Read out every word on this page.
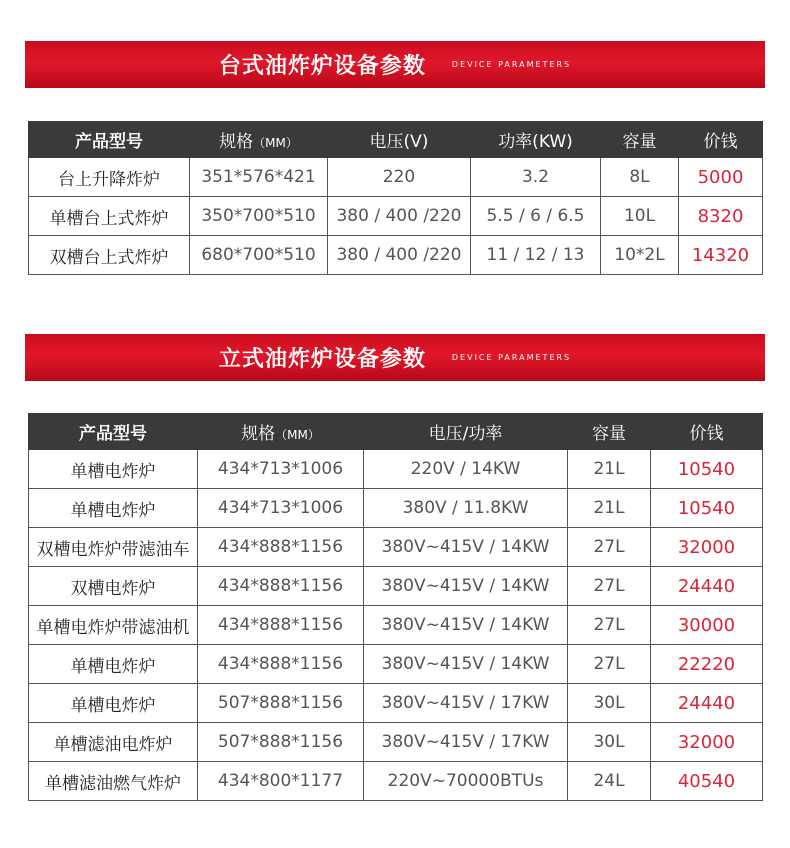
台式油炸炉设备参数	DEVICE PARAMETERS
产品型号	规格（MM）	电压(V)	功率(KW)	容量	价钱
台上升降炸炉	351*576*421	220	3.2	8L	5000
单槽台上式炸炉	350*700*510	380 / 400 /220	5.5 / 6 / 6.5	10L	8320
双槽台上式炸炉	680*700*510	380 / 400 /220	11 / 12 / 13	10*2L	14320
立式油炸炉设备参数	DEVICE PARAMETERS
产品型号	规格（MM）	电压/功率	容量	价钱
单槽电炸炉	434*713*1006	220V / 14KW	21L	10540
单槽电炸炉	434*713*1006	380V / 11.8KW	21L	10540
双槽电炸炉带滤油车	434*888*1156	380V~415V / 14KW	27L	32000
双槽电炸炉	434*888*1156	380V~415V / 14KW	27L	24440
单槽电炸炉带滤油机	434*888*1156	380V~415V / 14KW	27L	30000
单槽电炸炉	434*888*1156	380V~415V / 14KW	27L	22220
单槽电炸炉	507*888*1156	380V~415V / 17KW	30L	24440
单槽滤油电炸炉	507*888*1156	380V~415V / 17KW	30L	32000
单槽滤油燃气炸炉	434*800*1177	220V~70000BTUs	24L	40540
